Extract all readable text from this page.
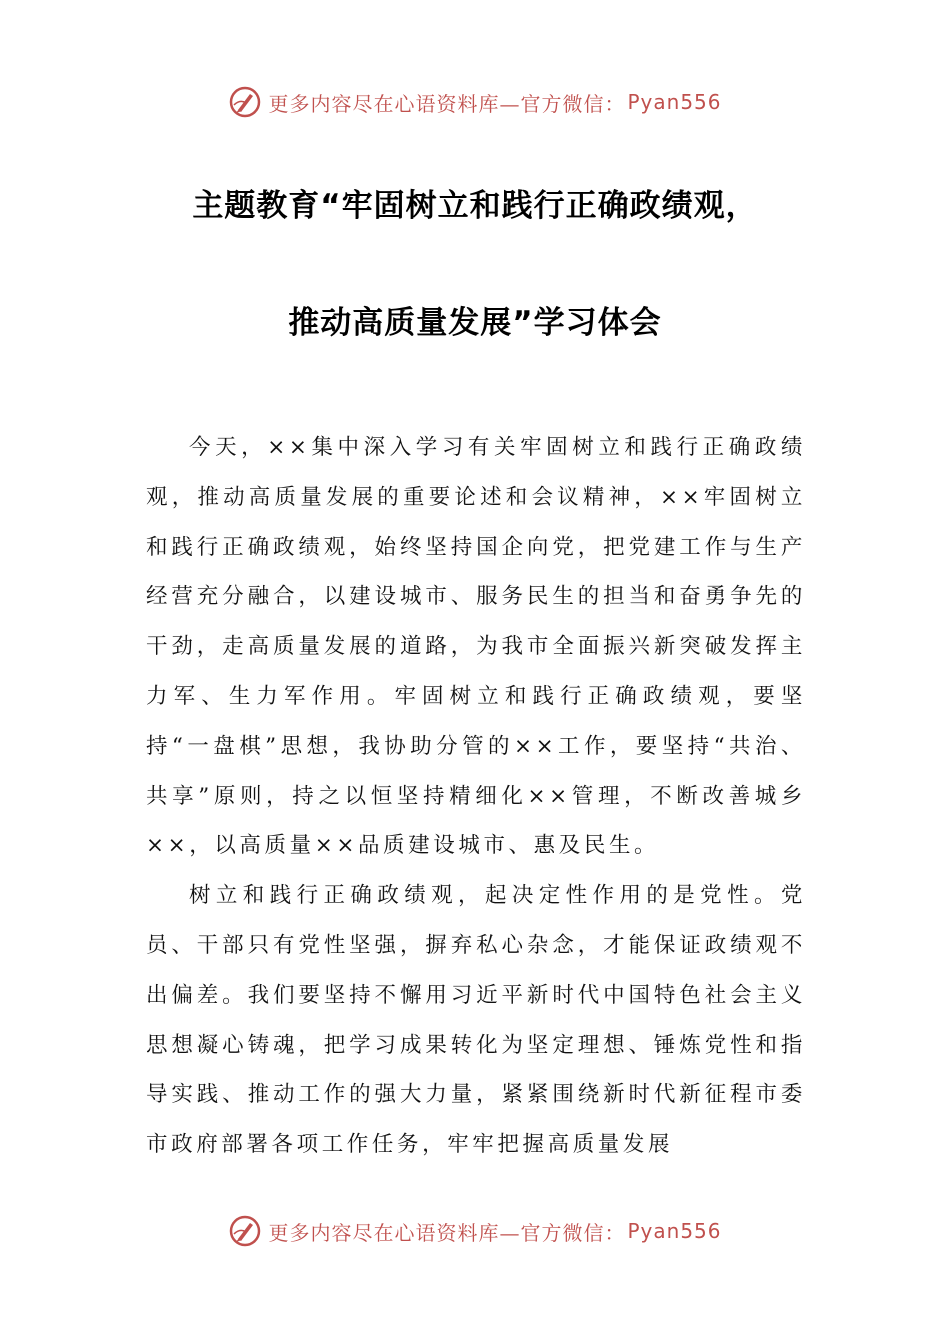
更多内容尽在心语资料库—官方微信： Pyan556
主题教育“牢固树立和践行正确政绩观，
推动高质量发展”学习体会

今天，××集中深入学习有关牢固树立和践行正确政绩观，推动高质量发展的重要论述和会议精神，××牢固树立和践行正确政绩观，始终坚持国企向党，把党建工作与生产经营充分融合，以建设城市、服务民生的担当和奋勇争先的干劲，走高质量发展的道路，为我市全面振兴新突破发挥主力军、生力军作用。牢固树立和践行正确政绩观，要坚持“一盘棋”思想，我协助分管的××工作，要坚持“共治、共享”原则，持之以恒坚持精细化××管理，不断改善城乡××，以高质量××品质建设城市、惠及民生。

树立和践行正确政绩观，起决定性作用的是党性。党员、干部只有党性坚强，摒弃私心杂念，才能保证政绩观不出偏差。我们要坚持不懈用习近平新时代中国特色社会主义思想凝心铸魂，把学习成果转化为坚定理想、锤炼党性和指导实践、推动工作的强大力量，紧紧围绕新时代新征程市委市政府部署各项工作任务，牢牢把握高质量发展

更多内容尽在心语资料库—官方微信： Pyan556
